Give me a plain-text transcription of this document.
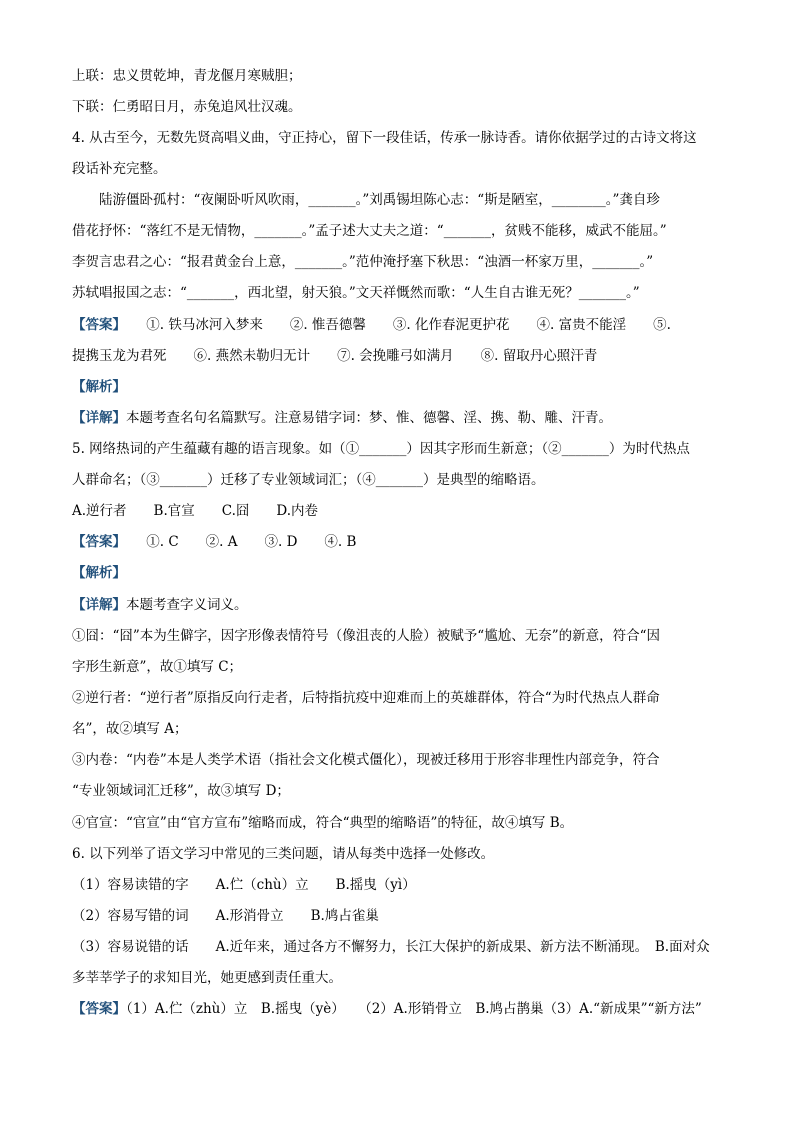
上联：忠义贯乾坤，青龙偃月寒贼胆；
下联：仁勇昭日月，赤兔追风壮汉魂。
4. 从古至今，无数先贤高唱义曲，守正持心，留下一段佳话，传承一脉诗香。请你依据学过的古诗文将这
段话补充完整。
　　陆游僵卧孤村：“夜阑卧听风吹雨，_______。”刘禹锡坦陈心志：“斯是陋室，________。”龚自珍
借花抒怀：“落红不是无情物，_______。”孟子述大丈夫之道：“_______，贫贱不能移，威武不能屈。”
李贺言忠君之心：“报君黄金台上意，_______。”范仲淹抒塞下秋思：“浊酒一杯家万里，_______。”
苏轼唱报国之志：“_______，西北望，射天狼。”文天祥慨然而歌：“人生自古谁无死？_______。”
【答案】　　①. 铁马冰河入梦来　　②. 惟吾德馨　　③. 化作春泥更护花　　④. 富贵不能淫　　⑤.
提携玉龙为君死　　⑥. 燕然未勒归无计　　⑦. 会挽雕弓如满月　　⑧. 留取丹心照汗青
【解析】
【详解】本题考查名句名篇默写。注意易错字词：梦、惟、德馨、淫、携、勒、雕、汗青。
5. 网络热词的产生蕴藏有趣的语言现象。如（①_______）因其字形而生新意；（②_______）为时代热点
人群命名；（③_______）迁移了专业领域词汇；（④_______）是典型的缩略语。
A.逆行者　　B.官宣　　C.囧　　D.内卷
【答案】　　①. C　　②. A　　③. D　　④. B
【解析】
【详解】本题考查字义词义。
①囧：“囧”本为生僻字，因字形像表情符号（像沮丧的人脸）被赋予“尴尬、无奈”的新意，符合“因
字形生新意”，故①填写 C；
②逆行者：“逆行者”原指反向行走者，后特指抗疫中迎难而上的英雄群体，符合“为时代热点人群命
名”，故②填写 A；
③内卷：“内卷”本是人类学术语（指社会文化模式僵化），现被迁移用于形容非理性内部竞争，符合
“专业领域词汇迁移”，故③填写 D；
④官宣：“官宣”由“官方宣布”缩略而成，符合“典型的缩略语”的特征，故④填写 B。
6. 以下列举了语文学习中常见的三类问题，请从每类中选择一处修改。
（1）容易读错的字　　A.伫（chù）立　　B.摇曳（yì）
（2）容易写错的词　　A.形消骨立　　B.鸠占雀巢
（3）容易说错的话　　A.近年来，通过各方不懈努力，长江大保护的新成果、新方法不断涌现。　B.面对众
多莘莘学子的求知目光，她更感到责任重大。
【答案】（1）A.伫（zhù）立　B.摇曳（yè）　　（2）A.形销骨立　B.鸠占鹊巢（3）A.“新成果”“新方法”
